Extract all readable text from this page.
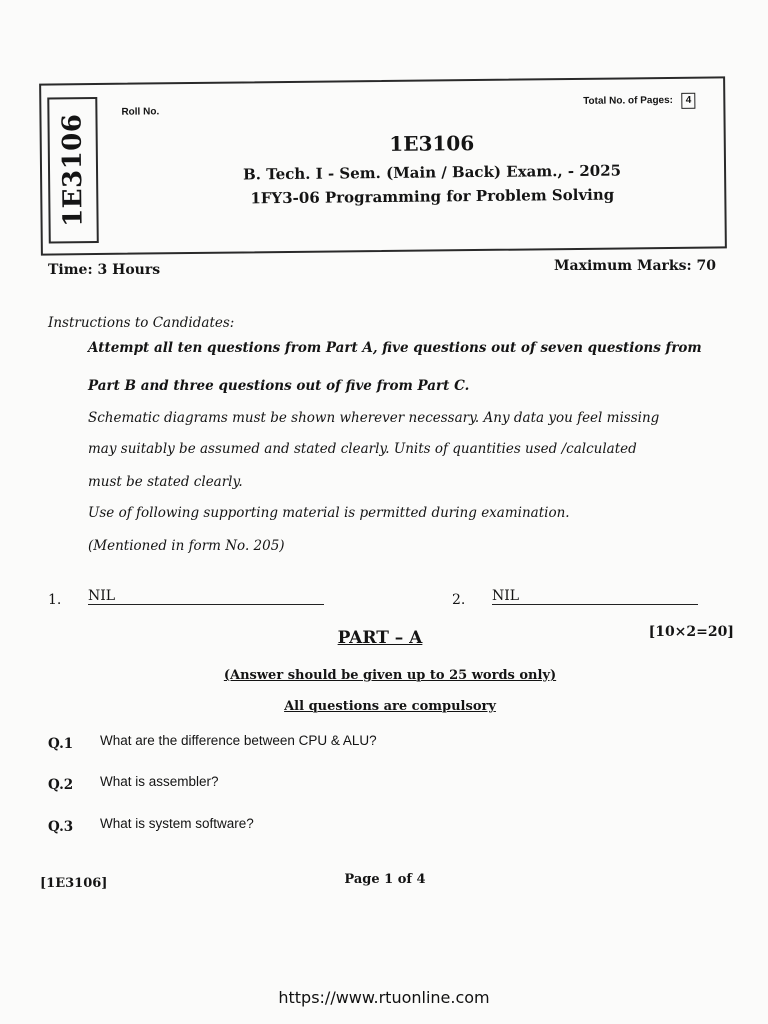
1E3106
Roll No.
Total No. of Pages: 4
1E3106
B. Tech. I - Sem. (Main / Back) Exam., - 2025
1FY3-06 Programming for Problem Solving
Time: 3 Hours	Maximum Marks: 70
Instructions to Candidates:
Attempt all ten questions from Part A, five questions out of seven questions from
Part B and three questions out of five from Part C.
Schematic diagrams must be shown wherever necessary. Any data you feel missing
may suitably be assumed and stated clearly. Units of quantities used /calculated
must be stated clearly.
Use of following supporting material is permitted during examination.
(Mentioned in form No. 205)
1. NIL	2. NIL
PART – A	[10×2=20]
(Answer should be given up to 25 words only)
All questions are compulsory
Q.1 What are the difference between CPU & ALU?
Q.2 What is assembler?
Q.3 What is system software?
[1E3106]	Page 1 of 4
https://www.rtuonline.com
